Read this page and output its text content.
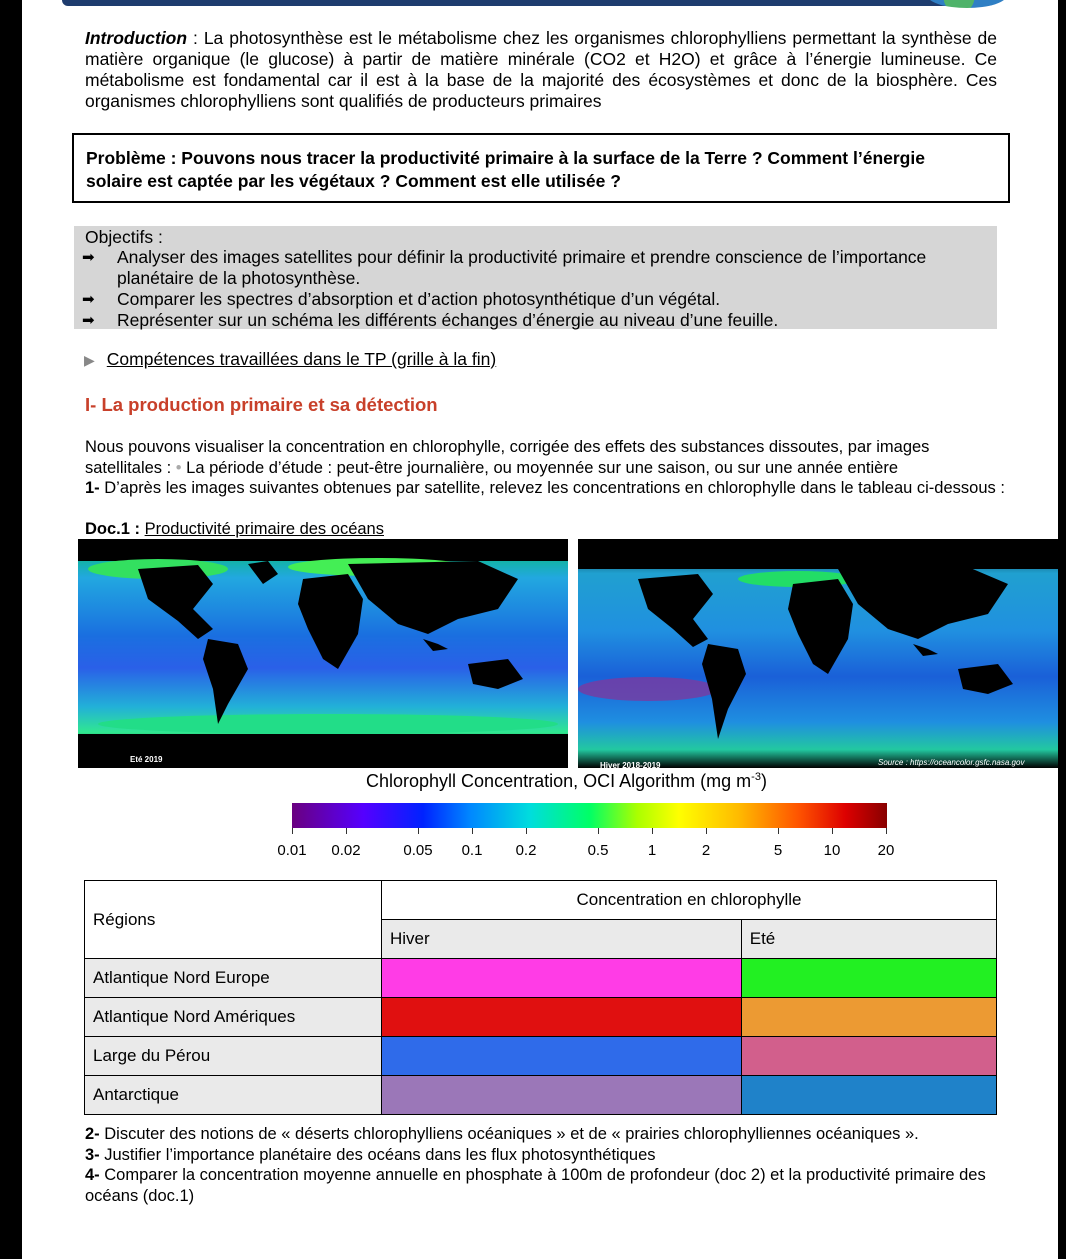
Introduction : La photosynthèse est le métabolisme chez les organismes chlorophylliens permettant la synthèse de matière organique (le glucose) à partir de matière minérale (CO2 et H2O) et grâce à l’énergie lumineuse. Ce métabolisme est fondamental car il est à la base de la majorité des écosystèmes et donc de la biosphère. Ces organismes chlorophylliens sont qualifiés de producteurs primaires

Problème : Pouvons nous tracer la productivité primaire à la surface de la Terre ? Comment l’énergie solaire est captée par les végétaux ? Comment est elle utilisée ?

Objectifs :
➡ Analyser des images satellites pour définir la productivité primaire et prendre conscience de l’importance planétaire de la photosynthèse.
➡ Comparer les spectres d’absorption et d’action photosynthétique d’un végétal.
➡ Représenter sur un schéma les différents échanges d’énergie au niveau d’une feuille.
▶ Compétences travaillées dans le TP (grille à la fin)
I- La production primaire et sa détection
Nous pouvons visualiser la concentration en chlorophylle, corrigée des effets des substances dissoutes, par images satellitales : • La période d’étude : peut-être journalière, ou moyennée sur une saison, ou sur une année entière
1- D’après les images suivantes obtenues par satellite, relevez les concentrations en chlorophylle dans le tableau ci-dessous :
Doc.1 : Productivité primaire des océans
Eté 2019
Hiver 2018-2019	Source : https://oceancolor.gsfc.nasa.gov
Chlorophyll Concentration, OCI Algorithm (mg $m^{-3}$)
0.01 0.02	0.05 0.1 0.2	0.5	1	2	5	10 20
Régions	Concentration en chlorophylle	
	Hiver	Eté
Atlantique Nord Europe		
Atlantique Nord Amériques		
Large du Pérou		
Antarctique		
2- Discuter des notions de « déserts chlorophylliens océaniques » et de « prairies chlorophylliennes océaniques ».
3- Justifier l’importance planétaire des océans dans les flux photosynthétiques
4- Comparer la concentration moyenne annuelle en phosphate à 100m de profondeur (doc 2) et la productivité primaire des océans (doc.1)
